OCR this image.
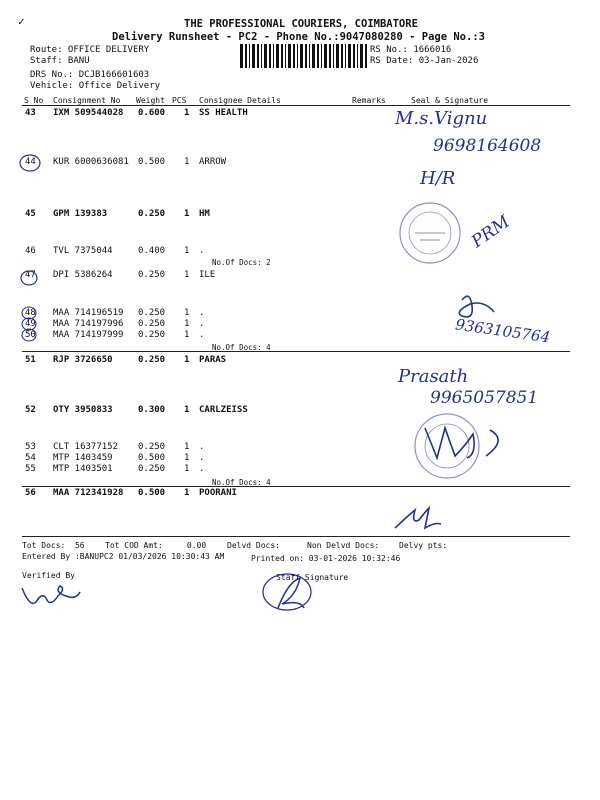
✓	THE PROFESSIONAL COURIERS, COIMBATORE
Delivery Runsheet - PC2 - Phone No.:9047080280 - Page No.:3
Route: OFFICE DELIVERY
Staff: BANU
DRS No.: DCJB166601603
Vehicle: Office Delivery
RS No.: 1666016
RS Date: 03-Jan-2026
S No Consignment No Weight PCS Consignee Details	Remarks	Seal & Signature
43 IXM 509544028 0.600 1 SS HEALTH
44 KUR 6000636081 0.500 1 ARROW
45 GPM 139383	0.250 1 HM
46 TVL 7375044	0.400 1 .
47 DPI 5386264	0.250 1 ILE
48 MAA 714196519 0.250 1 .
49 MAA 714197996 0.250 1 .
50 MAA 714197999 0.250 1 .
51 RJP 3726650	0.250 1 PARAS
52 OTY 3950833	0.300 1 CARLZEISS
53 CLT 16377152 0.250 1 .
54 MTP 1403459	0.500 1 .
55 MTP 1403501	0.250 1 .
56 MAA 712341928 0.500 1 POORANI
No.Of Docs: 2
No.Of Docs: 4
No.Of Docs: 4
M.s.Vignu
9698164608
H/R
PRM
9363105764
Prasath
9965057851
Tot Docs:  56	Tot COD Amt:     0.00	Delvd Docs:	Non Delvd Docs: Delvy pts:
Entered By :BANUPC2 01/03/2026 10:30:43 AM	Printed on: 03-01-2026 10:32:46
Verified By	Staff Signature
